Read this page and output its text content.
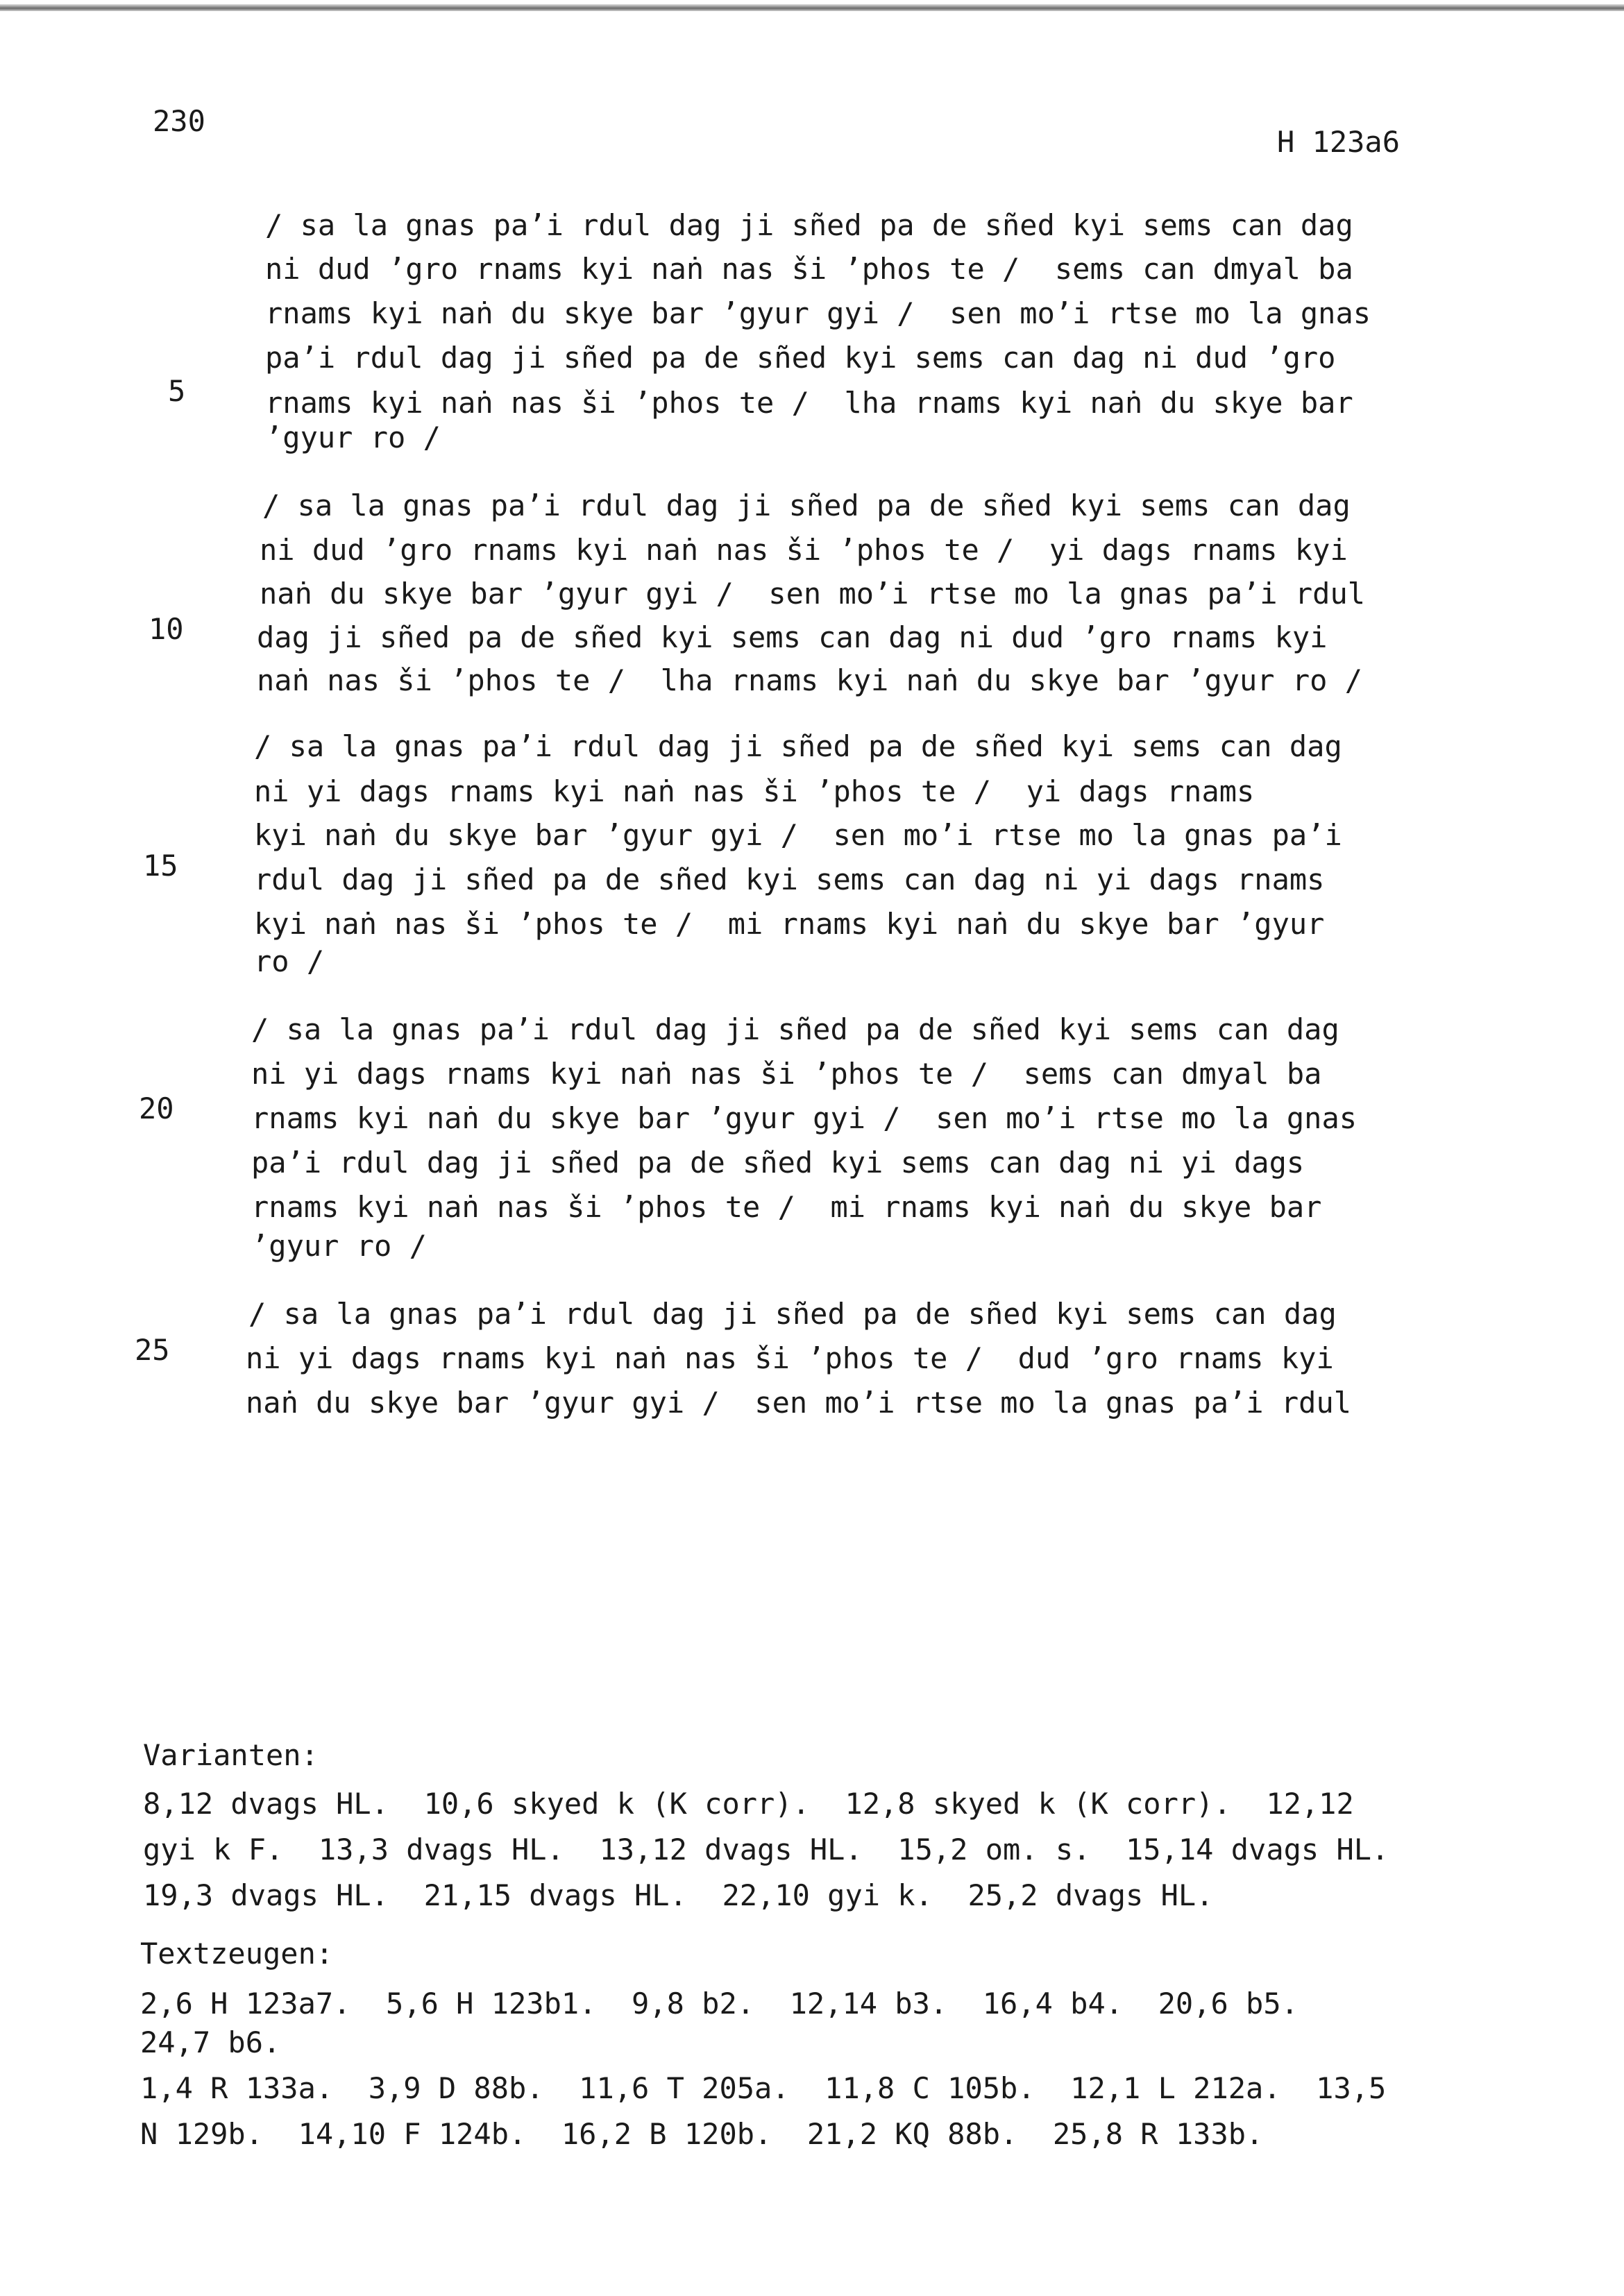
230
H 123a6
/ sa la gnas pa’i rdul dag ji sñed pa de sñed kyi sems can dag
ni dud ’gro rnams kyi naṅ nas ši ’phos te /  sems can dmyal ba
rnams kyi naṅ du skye bar ’gyur gyi /  sen mo’i rtse mo la gnas
pa’i rdul dag ji sñed pa de sñed kyi sems can dag ni dud ’gro
rnams kyi naṅ nas ši ’phos te /  lha rnams kyi naṅ du skye bar
’gyur ro /
/ sa la gnas pa’i rdul dag ji sñed pa de sñed kyi sems can dag
ni dud ’gro rnams kyi naṅ nas ši ’phos te /  yi dags rnams kyi
naṅ du skye bar ’gyur gyi /  sen mo’i rtse mo la gnas pa’i rdul
dag ji sñed pa de sñed kyi sems can dag ni dud ’gro rnams kyi
naṅ nas ši ’phos te /  lha rnams kyi naṅ du skye bar ’gyur ro /
/ sa la gnas pa’i rdul dag ji sñed pa de sñed kyi sems can dag
ni yi dags rnams kyi naṅ nas ši ’phos te /  yi dags rnams
kyi naṅ du skye bar ’gyur gyi /  sen mo’i rtse mo la gnas pa’i
rdul dag ji sñed pa de sñed kyi sems can dag ni yi dags rnams
kyi naṅ nas ši ’phos te /  mi rnams kyi naṅ du skye bar ’gyur
ro /
/ sa la gnas pa’i rdul dag ji sñed pa de sñed kyi sems can dag
ni yi dags rnams kyi naṅ nas ši ’phos te /  sems can dmyal ba
rnams kyi naṅ du skye bar ’gyur gyi /  sen mo’i rtse mo la gnas
pa’i rdul dag ji sñed pa de sñed kyi sems can dag ni yi dags
rnams kyi naṅ nas ši ’phos te /  mi rnams kyi naṅ du skye bar
’gyur ro /
/ sa la gnas pa’i rdul dag ji sñed pa de sñed kyi sems can dag
ni yi dags rnams kyi naṅ nas ši ’phos te /  dud ’gro rnams kyi
naṅ du skye bar ’gyur gyi /  sen mo’i rtse mo la gnas pa’i rdul
5
10
15
20
25
Varianten:
8,12 dvags HL.  10,6 skyed k (K corr).  12,8 skyed k (K corr).  12,12
gyi k F.  13,3 dvags HL.  13,12 dvags HL.  15,2 om. s.  15,14 dvags HL.
19,3 dvags HL.  21,15 dvags HL.  22,10 gyi k.  25,2 dvags HL.
Textzeugen:
2,6 H 123a7.  5,6 H 123b1.  9,8 b2.  12,14 b3.  16,4 b4.  20,6 b5.
24,7 b6.
1,4 R 133a.  3,9 D 88b.  11,6 T 205a.  11,8 C 105b.  12,1 L 212a.  13,5
N 129b.  14,10 F 124b.  16,2 B 120b.  21,2 KQ 88b.  25,8 R 133b.
